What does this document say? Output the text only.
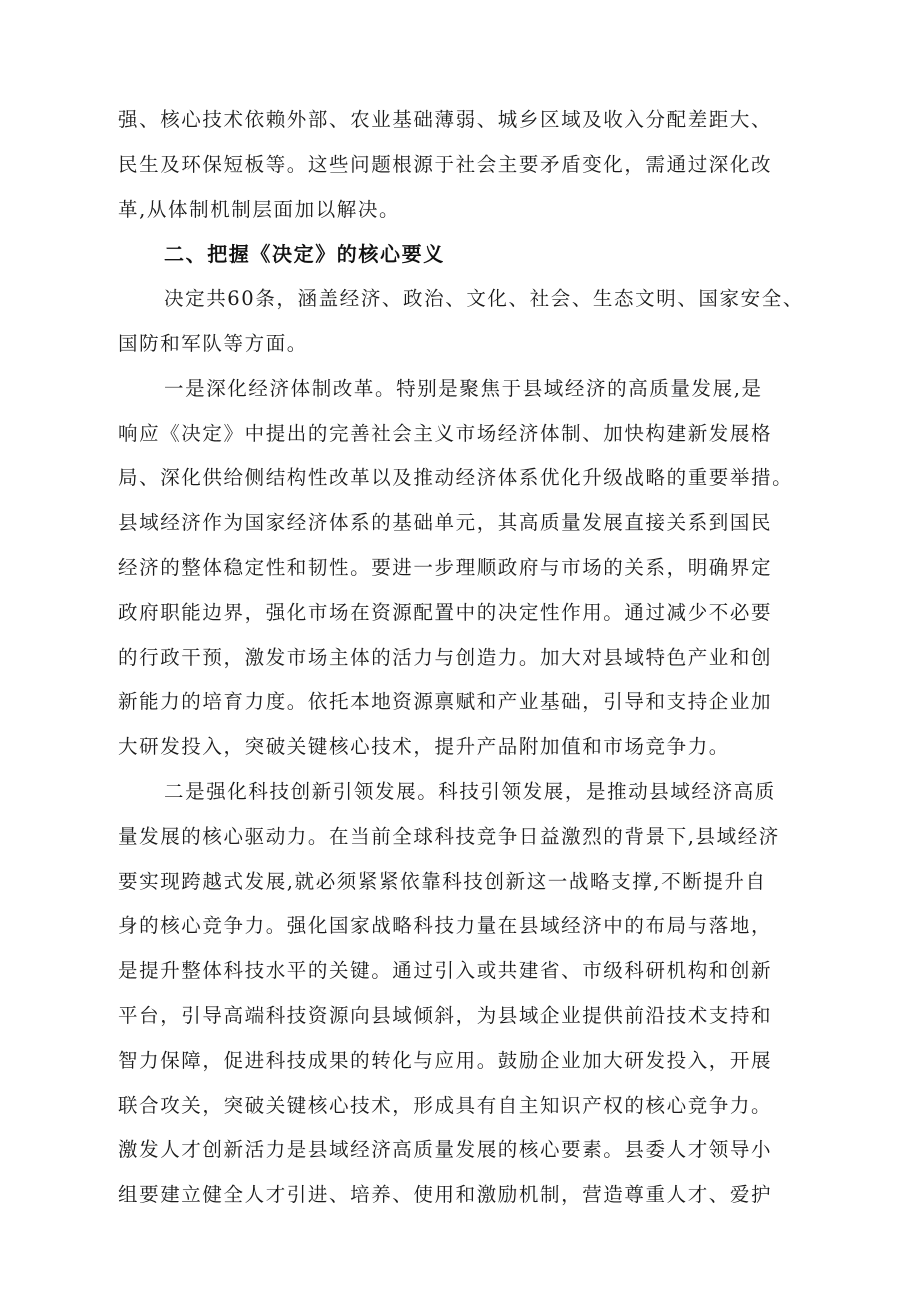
强、核心技术依赖外部、农业基础薄弱、城乡区域及收入分配差距大、
民生及环保短板等。这些问题根源于社会主要矛盾变化，需通过深化改
革,从体制机制层面加以解决。
二、把握《决定》的核心要义
决定共60条，涵盖经济、政治、文化、社会、生态文明、国家安全、
国防和军队等方面。
一是深化经济体制改革。特别是聚焦于县域经济的高质量发展,是
响应《决定》中提出的完善社会主义市场经济体制、加快构建新发展格
局、深化供给侧结构性改革以及推动经济体系优化升级战略的重要举措。
县域经济作为国家经济体系的基础单元，其高质量发展直接关系到国民
经济的整体稳定性和韧性。要进一步理顺政府与市场的关系，明确界定
政府职能边界，强化市场在资源配置中的决定性作用。通过减少不必要
的行政干预，激发市场主体的活力与创造力。加大对县域特色产业和创
新能力的培育力度。依托本地资源禀赋和产业基础，引导和支持企业加
大研发投入，突破关键核心技术，提升产品附加值和市场竞争力。
二是强化科技创新引领发展。科技引领发展，是推动县域经济高质
量发展的核心驱动力。在当前全球科技竞争日益激烈的背景下,县域经济
要实现跨越式发展,就必须紧紧依靠科技创新这一战略支撑,不断提升自
身的核心竞争力。强化国家战略科技力量在县域经济中的布局与落地，
是提升整体科技水平的关键。通过引入或共建省、市级科研机构和创新
平台，引导高端科技资源向县域倾斜，为县域企业提供前沿技术支持和
智力保障，促进科技成果的转化与应用。鼓励企业加大研发投入，开展
联合攻关，突破关键核心技术，形成具有自主知识产权的核心竞争力。
激发人才创新活力是县域经济高质量发展的核心要素。县委人才领导小
组要建立健全人才引进、培养、使用和激励机制，营造尊重人才、爱护
